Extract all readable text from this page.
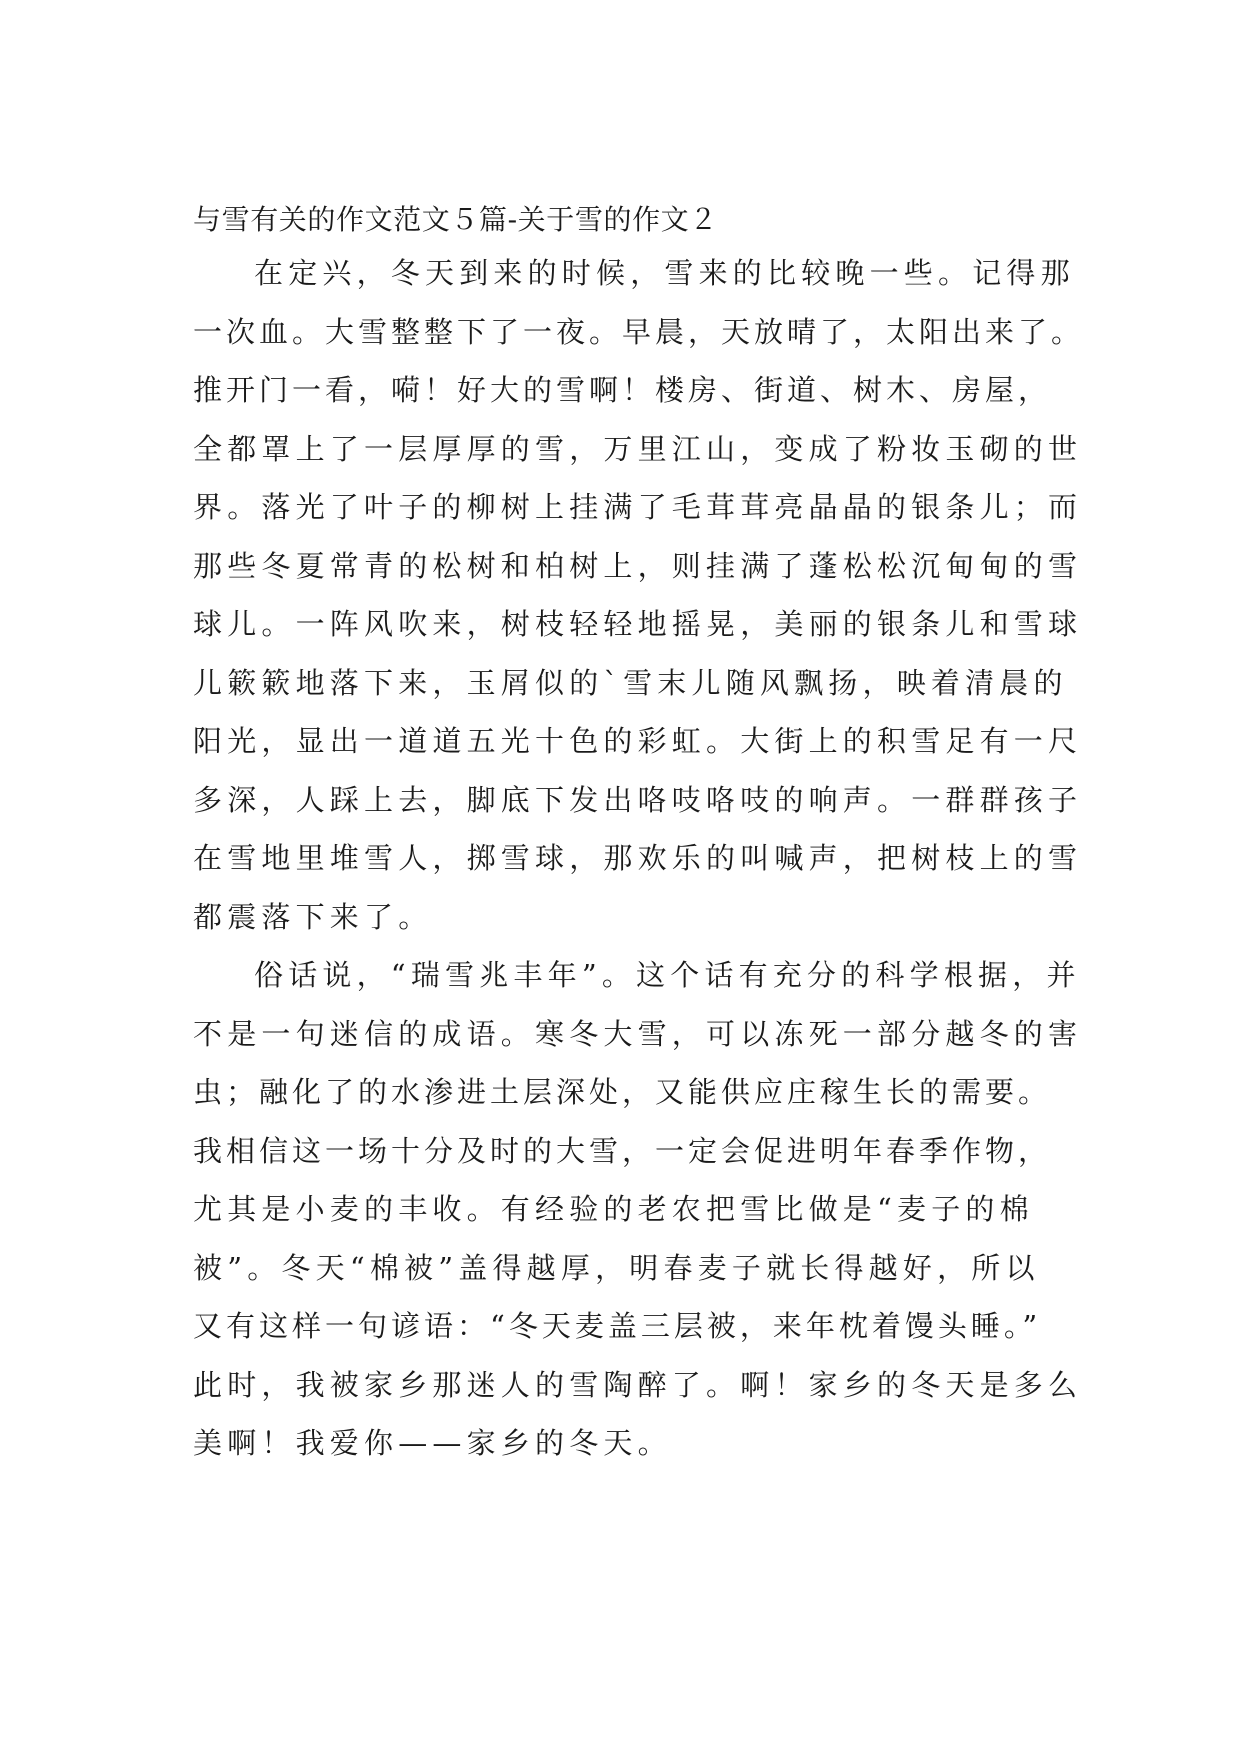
与雪有关的作文范文５篇-关于雪的作文２
在定兴，冬天到来的时候，雪来的比较晚一些。记得那
一次血。大雪整整下了一夜。早晨，天放晴了，太阳出来了。
推开门一看，嗬！好大的雪啊！楼房、街道、树木、房屋，
全都罩上了一层厚厚的雪，万里江山，变成了粉妆玉砌的世
界。落光了叶子的柳树上挂满了毛茸茸亮晶晶的银条儿；而
那些冬夏常青的松树和柏树上，则挂满了蓬松松沉甸甸的雪
球儿。一阵风吹来，树枝轻轻地摇晃，美丽的银条儿和雪球
儿簌簌地落下来，玉屑似的`雪末儿随风飘扬，映着清晨的
阳光，显出一道道五光十色的彩虹。大街上的积雪足有一尺
多深，人踩上去，脚底下发出咯吱咯吱的响声。一群群孩子
在雪地里堆雪人，掷雪球，那欢乐的叫喊声，把树枝上的雪
都震落下来了。
俗话说，“瑞雪兆丰年”。这个话有充分的科学根据，并
不是一句迷信的成语。寒冬大雪，可以冻死一部分越冬的害
虫；融化了的水渗进土层深处，又能供应庄稼生长的需要。
我相信这一场十分及时的大雪，一定会促进明年春季作物，
尤其是小麦的丰收。有经验的老农把雪比做是“麦子的棉
被”。冬天“棉被”盖得越厚，明春麦子就长得越好，所以
又有这样一句谚语：“冬天麦盖三层被，来年枕着馒头睡。”
此时，我被家乡那迷人的雪陶醉了。啊！家乡的冬天是多么
美啊！我爱你——家乡的冬天。
